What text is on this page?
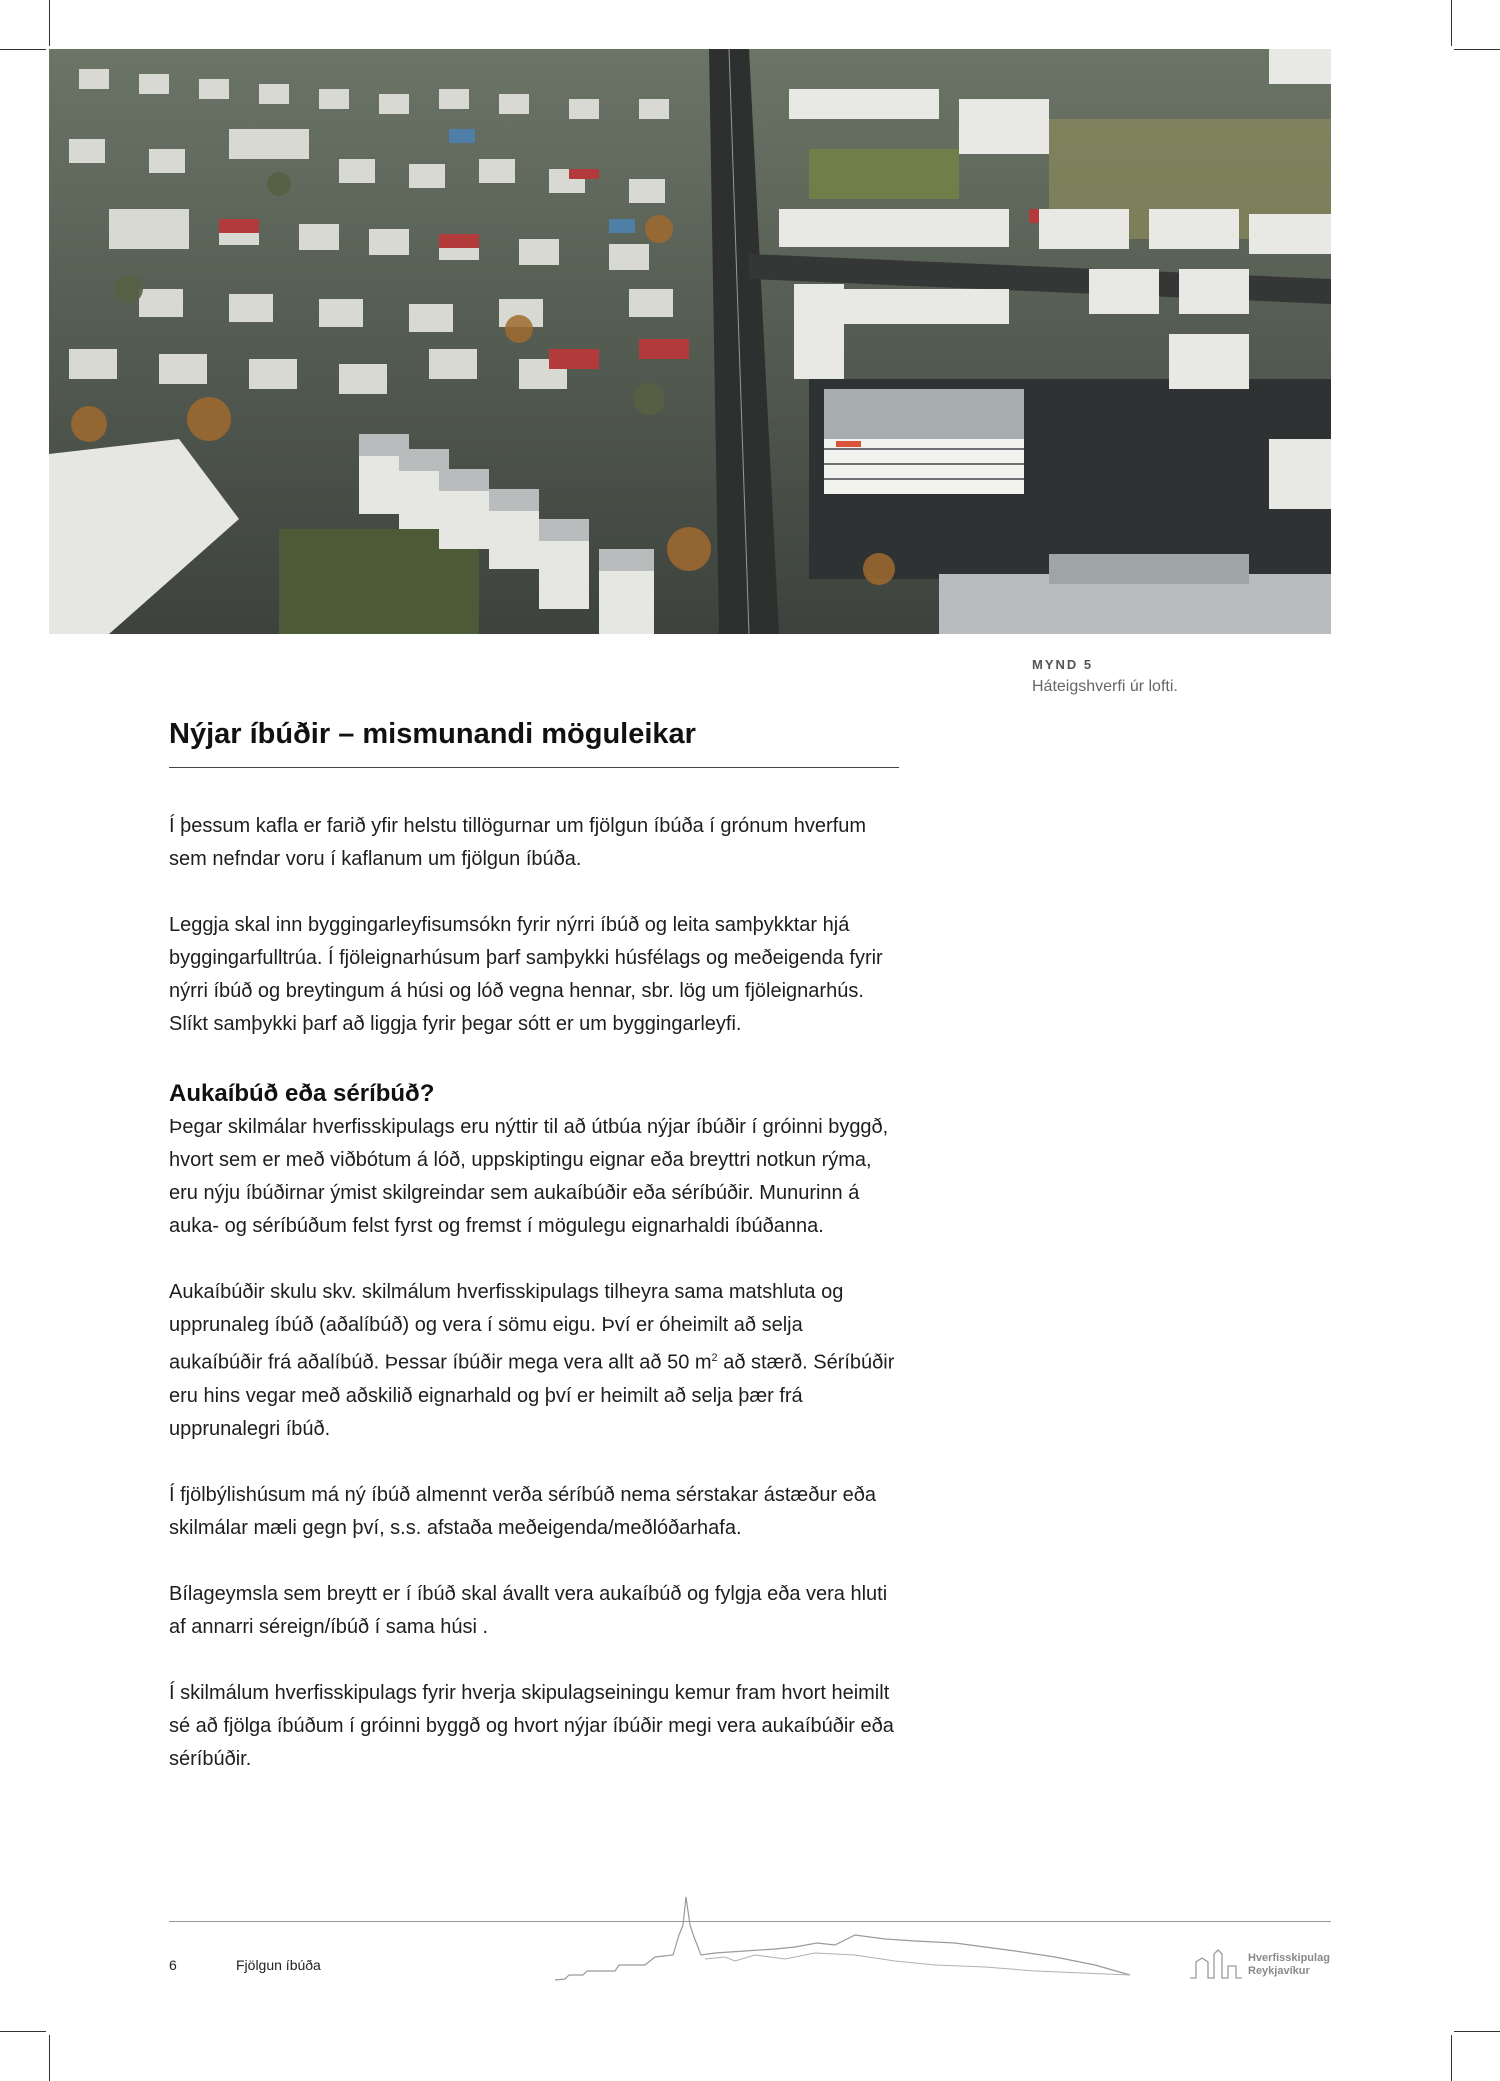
MYND 5
Háteigshverfi úr lofti.
Nýjar íbúðir – mismunandi möguleikar

Í þessum kafla er farið yfir helstu tillögurnar um fjölgun íbúða í grónum hverfum sem nefndar voru í kaflanum um fjölgun íbúða.

Leggja skal inn byggingarleyfisumsókn fyrir nýrri íbúð og leita samþykktar hjá byggingarfulltrúa. Í fjöleignarhúsum þarf samþykki húsfélags og meðeigenda fyrir nýrri íbúð og breytingum á húsi og lóð vegna hennar, sbr. lög um fjöleignarhús. Slíkt samþykki þarf að liggja fyrir þegar sótt er um byggingarleyfi.

Aukaíbúð eða séríbúð?

Þegar skilmálar hverfisskipulags eru nýttir til að útbúa nýjar íbúðir í gróinni byggð, hvort sem er með viðbótum á lóð, uppskiptingu eignar eða breyttri notkun rýma, eru nýju íbúðirnar ýmist skilgreindar sem aukaíbúðir eða séríbúðir. Munurinn á auka- og séríbúðum felst fyrst og fremst í mögulegu eignarhaldi íbúðanna.

Aukaíbúðir skulu skv. skilmálum hverfisskipulags tilheyra sama matshluta og upprunaleg íbúð (aðalíbúð) og vera í sömu eigu. Því er óheimilt að selja aukaíbúðir frá aðalíbúð. Þessar íbúðir mega vera allt að 50 $m^2$ að stærð. Séríbúðir eru hins vegar með aðskilið eignarhald og því er heimilt að selja þær frá upprunalegri íbúð.

Í fjölbýlishúsum má ný íbúð almennt verða séríbúð nema sérstakar ástæður eða skilmálar mæli gegn því, s.s. afstaða meðeigenda/meðlóðarhafa.

Bílageymsla sem breytt er í íbúð skal ávallt vera aukaíbúð og fylgja eða vera hluti af annarri séreign/íbúð í sama húsi .

Í skilmálum hverfisskipulags fyrir hverja skipulagseiningu kemur fram hvort heimilt sé að fjölga íbúðum í gróinni byggð og hvort nýjar íbúðir megi vera aukaíbúðir eða séríbúðir.

6	Fjölgun íbúða	Hverfisskipulag
Reykjavíkur
